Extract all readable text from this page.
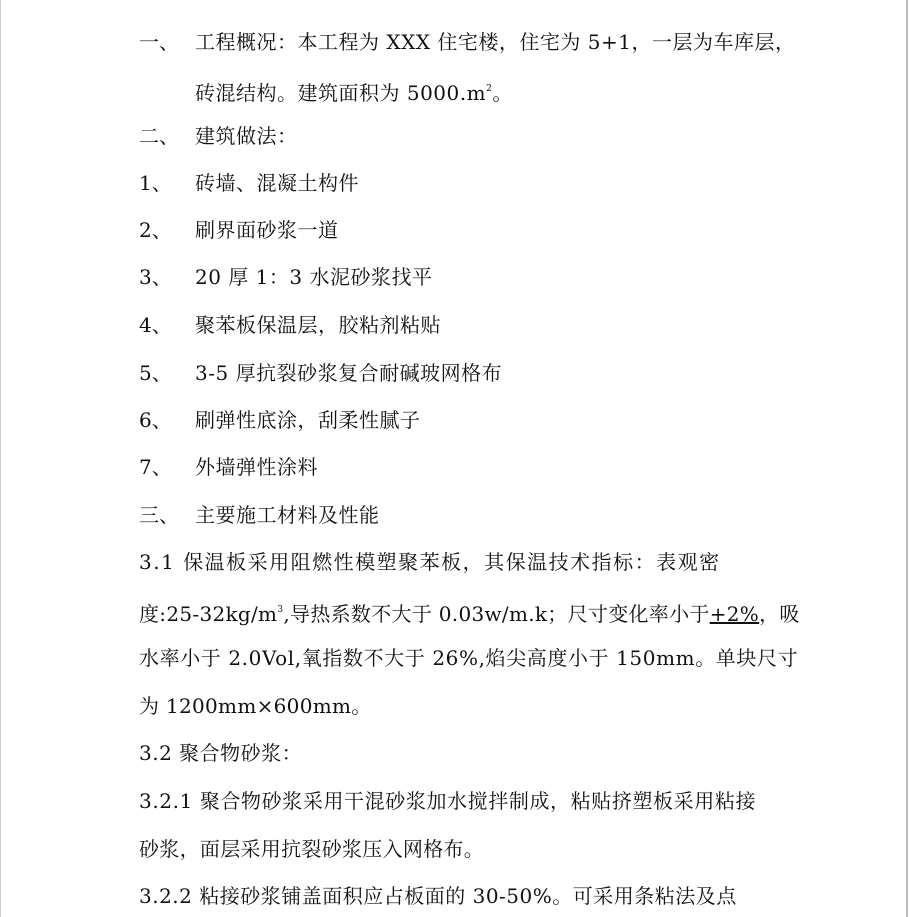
一、 工程概况：本工程为 XXX 住宅楼，住宅为 5+1，一层为车库层，
砖混结构。建筑面积为 $5000.m^2$。
二、 建筑做法：
1、 砖墙、混凝土构件
2、 刷界面砂浆一道
3、 20 厚 1：3 水泥砂浆找平
4、 聚苯板保温层，胶粘剂粘贴
5、 3-5 厚抗裂砂浆复合耐碱玻网格布
6、 刷弹性底涂，刮柔性腻子
7、 外墙弹性涂料
三、 主要施工材料及性能
3.1 保温板采用阻燃性模塑聚苯板，其保温技术指标：表观密
度$:25-32kg/m^3$,导热系数不大于 0.03w/m.k；尺寸变化率小于+2%，吸
水率小于 2.0Vol,氧指数不大于 26%,焰尖高度小于 150mm。单块尺寸
为 1200mm×600mm。
3.2 聚合物砂浆：
3.2.1 聚合物砂浆采用干混砂浆加水搅拌制成，粘贴挤塑板采用粘接
砂浆，面层采用抗裂砂浆压入网格布。
3.2.2 粘接砂浆铺盖面积应占板面的 30-50%。可采用条粘法及点
